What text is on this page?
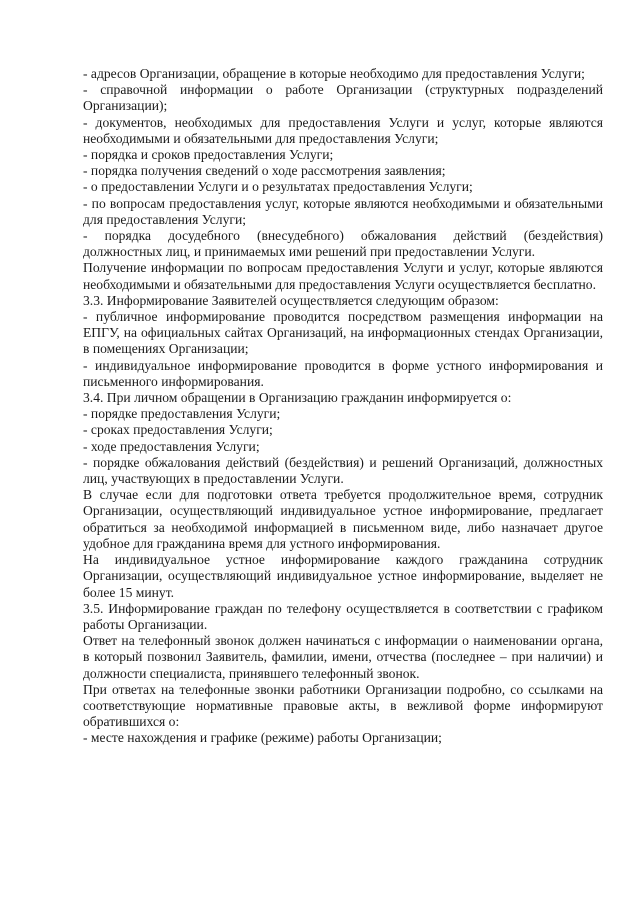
- адресов Организации, обращение в которые необходимо для предоставления Услуги;

- справочной информации о работе Организации (структурных подразделений Организации);

- документов, необходимых для предоставления Услуги и услуг, которые являются необходимыми и обязательными для предоставления Услуги;

- порядка и сроков предоставления Услуги;

- порядка получения сведений о ходе рассмотрения заявления;

- о предоставлении Услуги и о результатах предоставления Услуги;

- по вопросам предоставления услуг, которые являются необходимыми и обязательными для предоставления Услуги;

- порядка досудебного (внесудебного) обжалования действий (бездействия) должностных лиц, и принимаемых ими решений при предоставлении Услуги.

Получение информации по вопросам предоставления Услуги и услуг, которые являются необходимыми и обязательными для предоставления Услуги осуществляется бесплатно.

3.3. Информирование Заявителей осуществляется следующим образом:

- публичное информирование проводится посредством размещения информации на ЕПГУ, на официальных сайтах Организаций, на информационных стендах Организации, в помещениях Организации;

- индивидуальное информирование проводится в форме устного информирования и письменного информирования.

3.4. При личном обращении в Организацию гражданин информируется о:

- порядке предоставления Услуги;

- сроках предоставления Услуги;

- ходе предоставления Услуги;

- порядке обжалования действий (бездействия) и решений Организаций, должностных лиц, участвующих в предоставлении Услуги.

В случае если для подготовки ответа требуется продолжительное время, сотрудник Организации, осуществляющий индивидуальное устное информирование, предлагает обратиться за необходимой информацией в письменном виде, либо назначает другое удобное для гражданина время для устного информирования.

На индивидуальное устное информирование каждого гражданина сотрудник Организации, осуществляющий индивидуальное устное информирование, выделяет не более 15 минут.

3.5. Информирование граждан по телефону осуществляется в соответствии с графиком работы Организации.

Ответ на телефонный звонок должен начинаться с информации о наименовании органа, в который позвонил Заявитель, фамилии, имени, отчества (последнее – при наличии) и должности специалиста, принявшего телефонный звонок.

При ответах на телефонные звонки работники Организации подробно, со ссылками на соответствующие нормативные правовые акты, в вежливой форме информируют обратившихся о:

- месте нахождения и графике (режиме) работы Организации;
